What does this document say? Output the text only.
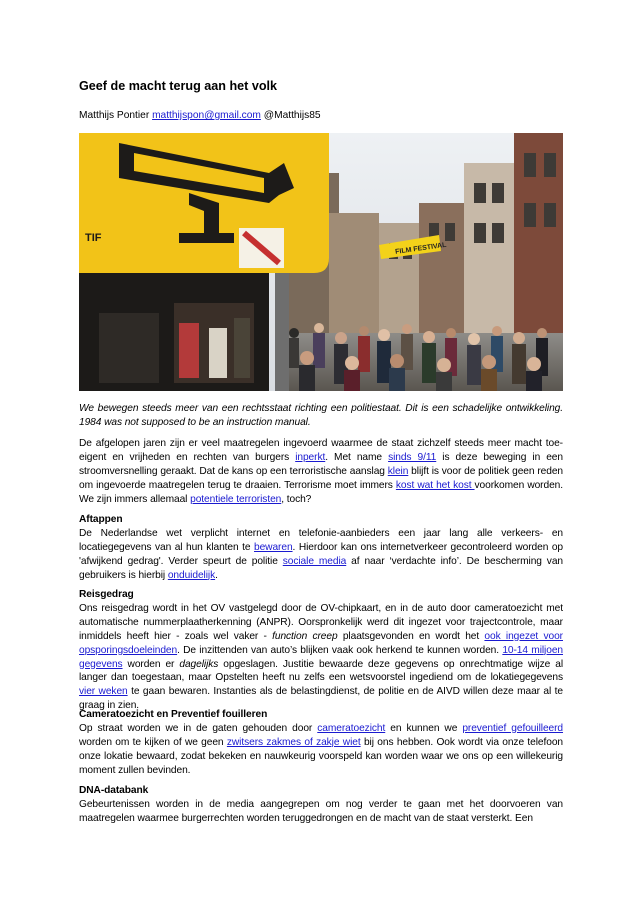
Geef de macht terug aan het volk
Matthijs Pontier matthijspon@gmail.com @Matthijs85
FILM FESTIVAL
TIF

We bewegen steeds meer van een rechtsstaat richting een politiestaat. Dit is een schadelijke ontwikkeling. 1984 was not supposed to be an instruction manual.

De afgelopen jaren zijn er veel maatregelen ingevoerd waarmee de staat zichzelf steeds meer macht toe-eigent en vrijheden en rechten van burgers inperkt. Met name sinds 9/11 is deze beweging in een stroomversnelling geraakt. Dat de kans op een terroristische aanslag klein blijft is voor de politiek geen reden om ingevoerde maatregelen terug te draaien. Terrorisme moet immers kost wat het kost voorkomen worden. We zijn immers allemaal potentiele terroristen, toch?

Aftappen

De Nederlandse wet verplicht internet en telefonie-aanbieders een jaar lang alle verkeers- en locatiegegevens van al hun klanten te bewaren. Hierdoor kan ons internetverkeer gecontroleerd worden op 'afwijkend gedrag'. Verder speurt de politie sociale media af naar ‘verdachte info’. De bescherming van gebruikers is hierbij onduidelijk.

Reisgedrag

Ons reisgedrag wordt in het OV vastgelegd door de OV-chipkaart, en in de auto door cameratoezicht met automatische nummerplaatherkenning (ANPR). Oorspronkelijk werd dit ingezet voor trajectcontrole, maar inmiddels heeft hier - zoals wel vaker - function creep plaatsgevonden en wordt het ook ingezet voor opsporingsdoeleinden. De inzittenden van auto’s blijken vaak ook herkend te kunnen worden. 10-14 miljoen gegevens worden er dagelijks opgeslagen. Justitie bewaarde deze gegevens op onrechtmatige wijze al langer dan toegestaan, maar Opstelten heeft nu zelfs een wetsvoorstel ingediend om de lokatiegegevens vier weken te gaan bewaren. Instanties als de belastingdienst, de politie en de AIVD willen deze maar al te graag in zien.

Cameratoezicht en Preventief fouilleren

Op straat worden we in de gaten gehouden door cameratoezicht en kunnen we preventief gefouilleerd worden om te kijken of we geen zwitsers zakmes of zakje wiet bij ons hebben. Ook wordt via onze telefoon onze lokatie bewaard, zodat bekeken en nauwkeurig voorspeld kan worden waar we ons op een willekeurig moment zullen bevinden.

DNA-databank

Gebeurtenissen worden in de media aangegrepen om nog verder te gaan met het doorvoeren van maatregelen waarmee burgerrechten worden teruggedrongen en de macht van de staat versterkt. Een
